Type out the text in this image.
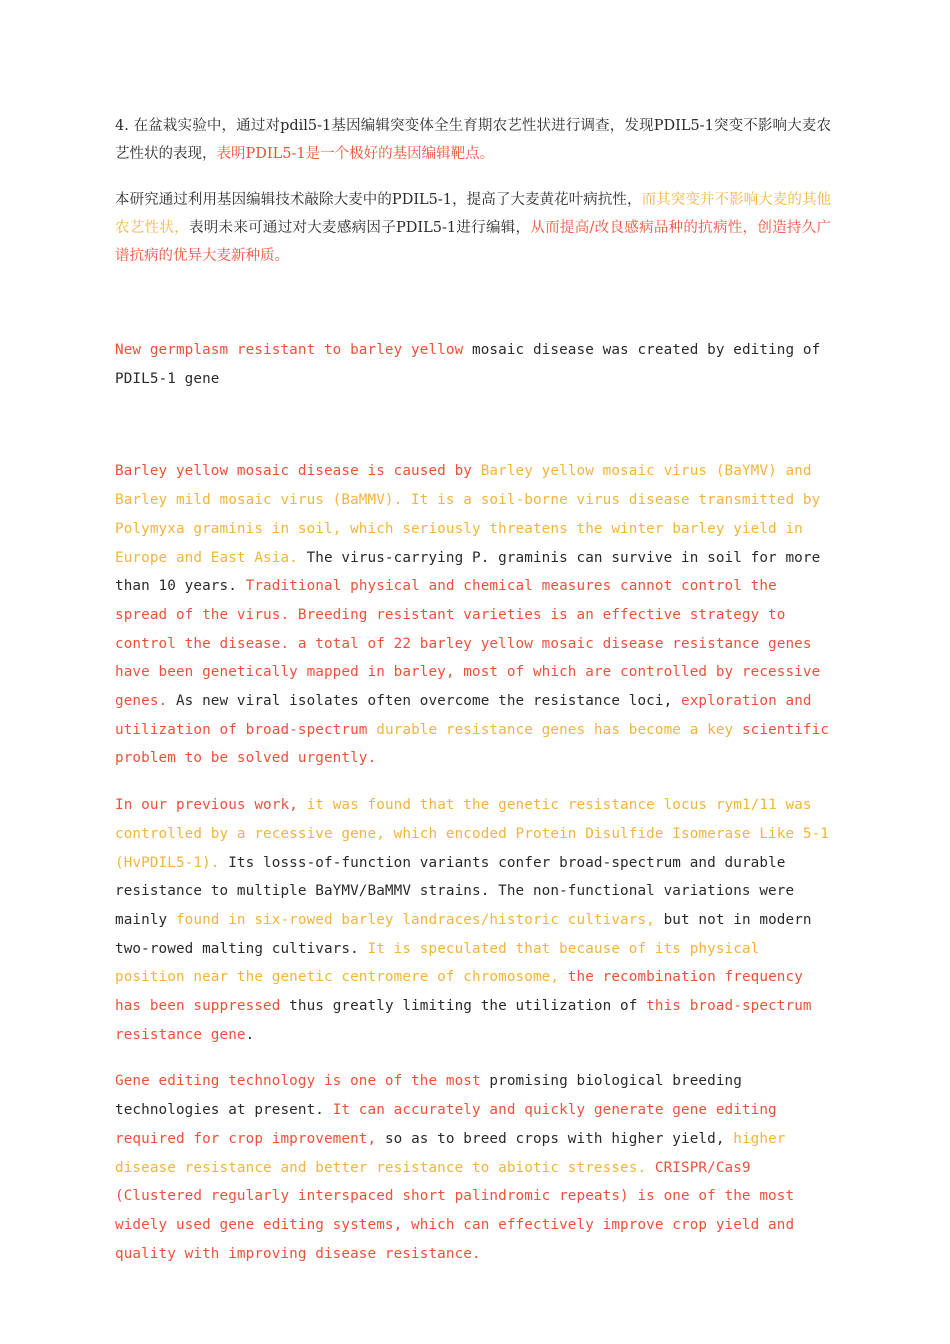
4. 在盆栽实验中，通过对pdil5-1基因编辑突变体全生育期农艺性状进行调查，发现PDIL5-1突变不影响大麦农艺性状的表现，表明PDIL5-1是一个极好的基因编辑靶点。

本研究通过利用基因编辑技术敲除大麦中的PDIL5-1，提高了大麦黄花叶病抗性，而其突变并不影响大麦的其他农艺性状，表明未来可通过对大麦感病因子PDIL5-1进行编辑，从而提高/改良感病品种的抗病性，创造持久广谱抗病的优异大麦新种质。

New germplasm resistant to barley yellow mosaic disease was created by editing of PDIL5-1 gene

Barley yellow mosaic disease is caused by Barley yellow mosaic virus (BaYMV) and Barley mild mosaic virus (BaMMV). It is a soil-borne virus disease transmitted by Polymyxa graminis in soil, which seriously threatens the winter barley yield in Europe and East Asia. The virus-carrying P. graminis can survive in soil for more than 10 years. Traditional physical and chemical measures cannot control the spread of the virus. Breeding resistant varieties is an effective strategy to control the disease. a total of 22 barley yellow mosaic disease resistance genes have been genetically mapped in barley, most of which are controlled by recessive genes. As new viral isolates often overcome the resistance loci, exploration and utilization of broad-spectrum durable resistance genes has become a key scientific problem to be solved urgently.

In our previous work, it was found that the genetic resistance locus rym1/11 was controlled by a recessive gene, which encoded Protein Disulfide Isomerase Like 5-1 (HvPDIL5-1). Its losss-of-function variants confer broad-spectrum and durable resistance to multiple BaYMV/BaMMV strains. The non-functional variations were mainly found in six-rowed barley landraces/historic cultivars, but not in modern two-rowed malting cultivars. It is speculated that because of its physical position near the genetic centromere of chromosome, the recombination frequency has been suppressed thus greatly limiting the utilization of this broad-spectrum resistance gene.

Gene editing technology is one of the most promising biological breeding technologies at present. It can accurately and quickly generate gene editing required for crop improvement, so as to breed crops with higher yield, higher disease resistance and better resistance to abiotic stresses. CRISPR/Cas9 (Clustered regularly interspaced short palindromic repeats) is one of the most widely used gene editing systems, which can effectively improve crop yield and quality with improving disease resistance.
